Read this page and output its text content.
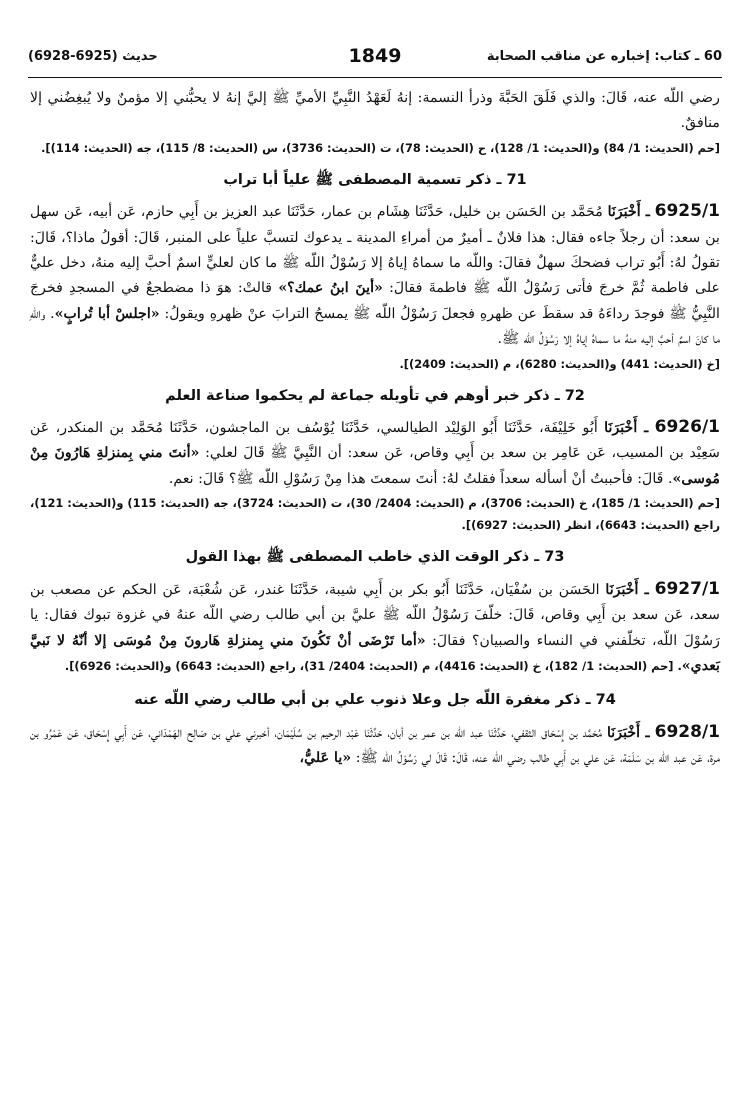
حديث (6925-6928)	1849	60 ـ كتاب: إخباره عن مناقب الصحابة

رضي اللّه عنه، قَالَ: والذي فَلَقَ الحَبَّةَ وذرأ النسمة: إنهُ لَعَهْدُ النَّبِيِّ الأميِّ ﷺ إليَّ إنهُ لا يحبُّني إلا مؤمنٌ ولا يُبغِضُني إلا منافقٌ.

[حم (الحديث: 1/ 84) و(الحديث: 1/ 128)، ح (الحديث: 78)، ت (الحديث: 3736)، س (الحديث: 8/ 115)، جه (الحديث: 114)].

71 ـ ذكر تسمية المصطفى ﷺ علياً أبا تراب

6925/1 ـ أَخْبَرَنَا مُحَمَّد بن الحَسَن بن خليل، حَدَّثَنَا هِشَام بن عمار، حَدَّثَنَا عبد العزيز بن أَبِي حازم، عَن أبيه، عَن سهل بن سعد: أن رجلاً جاءه فقال: هذا فلانٌ ـ أميرٌ من أمراءِ المدينة ـ يدعوك لتسبَّ علياً على المنبر، قَالَ: أقولُ ماذا؟، قَالَ: تقولُ لهُ: أَبُو تراب فضحكَ سهلٌ فقالَ: واللّه ما سماهُ إياهُ إلا رَسُوْلُ اللّه ﷺ ما كان لعليٍّ اسمٌ أحبَّ إليه منهُ، دخل عليٌّ على فاطمة ثُمَّ خرجَ فأتى رَسُوْلُ اللّه ﷺ فاطمةَ فقالَ: «أينَ ابنُ عمك؟» قالتْ: هوَ ذا مضطجعٌ في المسجدِ فخرجَ النَّبِيُّ ﷺ فوجدَ رداءَهُ قد سقطَ عن ظهرهِ فجعلَ رَسُوْلُ اللّه ﷺ يمسحُ الترابَ عنْ ظهرهِ ويقولُ: «اجلسْ أبا تُرابٍ». واللّهِ ما كانَ اسمٌ أحبَّ إليه منهُ ما سماهُ إياهُ إلا رَسُوْلُ اللّه ﷺ.

[خ (الحديث: 441) و(الحديث: 6280)، م (الحديث: 2409)].

72 ـ ذكر خبر أوهم في تأويله جماعة لم يحكموا صناعة العلم

6926/1 ـ أَخْبَرَنَا أَبُو خَلِيْفَة، حَدَّثَنَا أَبُو الوَلِيْد الطيالسي، حَدَّثَنَا يُوْسُف بن الماجشون، حَدَّثَنَا مُحَمَّد بن المنكدر، عَن سَعِيْد بن المسيب، عَن عَامِر بن سعد بن أَبِي وقاص، عَن سعد: أن النَّبِيَّ ﷺ قَالَ لعلي: «أنتَ مني بِمنزلةِ هَارُونَ مِنْ مُوسى». قَالَ: فأحببتُ أنْ أسأله سعداً فقلتُ لهُ: أنتَ سمعتَ هذا مِنْ رَسُوْلِ اللّه ﷺ؟ قَالَ: نعم.

[حم (الحديث: 1/ 185)، خ (الحديث: 3706)، م (الحديث: 2404/ 30)، ت (الحديث: 3724)، جه (الحديث: 115) و(الحديث: 121)، راجع (الحديث: 6643)، انظر (الحديث: 6927)].

73 ـ ذكر الوقت الذي خاطب المصطفى ﷺ بهذا القول

6927/1 ـ أَخْبَرَنَا الحَسَن بن سُفْيَان، حَدَّثَنَا أَبُو بكر بن أَبِي شيبة، حَدَّثَنَا غندر، عَن شُعْبَة، عَن الحكم عن مصعب بن سعد، عَن سعد بن أَبِي وقاص، قَالَ: خلّفَ رَسُوْلُ اللّه ﷺ عليَّ بن أبي طالب رضي اللّه عنهُ في غزوة تبوك فقال: يا رَسُوْلَ اللّه، تخلّفني في النساء والصبيان؟ فقالَ: «أما تَرْضَى أنْ تَكُونَ مني بِمنزلةِ هَارونَ مِنْ مُوسَى إلا أنّهُ لا نَبيَّ بَعدي». [حم (الحديث: 1/ 182)، خ (الحديث: 4416)، م (الحديث: 2404/ 31)، راجع (الحديث: 6643) و(الحديث: 6926)].

74 ـ ذكر مغفرة اللّه جل وعلا ذنوب علي بن أبي طالب رضي اللّه عنه

6928/1 ـ أَخْبَرَنَا مُحَمَّد بن إِسْحَاق الثقفي، حَدَّثَنَا عبد اللّه بن عمر بن أبان، حَدَّثَنَا عَبْد الرحيم بن سُلَيْمَان، أخبرني علي بن صَالِح الهَمْدَاني، عَن أَبِي إِسْحَاق، عَن عَمْرُو بن مرة، عَن عبد اللّه بن سَلَمَة، عَن علي بن أَبِي طالب رضي اللّه عنه، قَالَ: قَالَ لي رَسُوْلُ اللّه ﷺ: «يا عَليُّ،
